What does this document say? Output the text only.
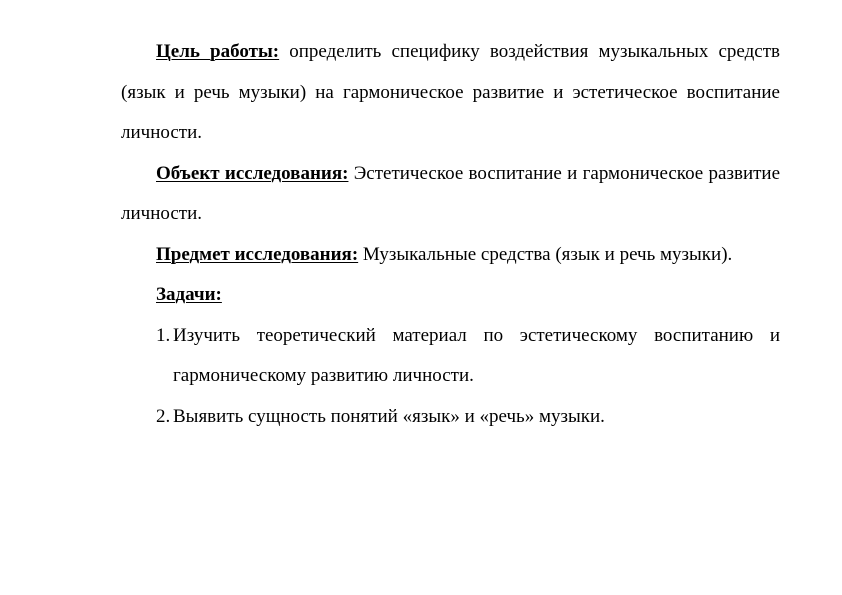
Цель работы: определить специфику воздействия музыкальных средств (язык и речь музыки) на гармоническое развитие и эстетическое воспитание личности.

Объект исследования: Эстетическое воспитание и гармоническое развитие личности.

Предмет исследования: Музыкальные средства (язык и речь музыки).

Задачи:

1. Изучить теоретический материал по эстетическому воспитанию и гармоническому развитию личности.
2. Выявить сущность понятий «язык» и «речь» музыки.
